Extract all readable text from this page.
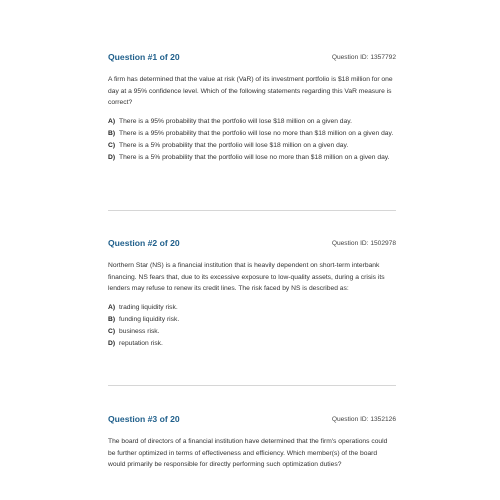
Question #1 of 20	Question ID: 1357792
A firm has determined that the value at risk (VaR) of its investment portfolio is $18 million for one day at a 95% confidence level. Which of the following statements regarding this VaR measure is correct?
A) There is a 95% probability that the portfolio will lose $18 million on a given day.
B) There is a 95% probability that the portfolio will lose no more than $18 million on a given day.
C) There is a 5% probability that the portfolio will lose $18 million on a given day.
D) There is a 5% probability that the portfolio will lose no more than $18 million on a given day.
Question #2 of 20	Question ID: 1502978
Northern Star (NS) is a financial institution that is heavily dependent on short-term interbank financing. NS fears that, due to its excessive exposure to low-quality assets, during a crisis its lenders may refuse to renew its credit lines. The risk faced by NS is described as:
A) trading liquidity risk.
B) funding liquidity risk.
C) business risk.
D) reputation risk.
Question #3 of 20	Question ID: 1352126
The board of directors of a financial institution have determined that the firm's operations could be further optimized in terms of effectiveness and efficiency. Which member(s) of the board would primarily be responsible for directly performing such optimization duties?
